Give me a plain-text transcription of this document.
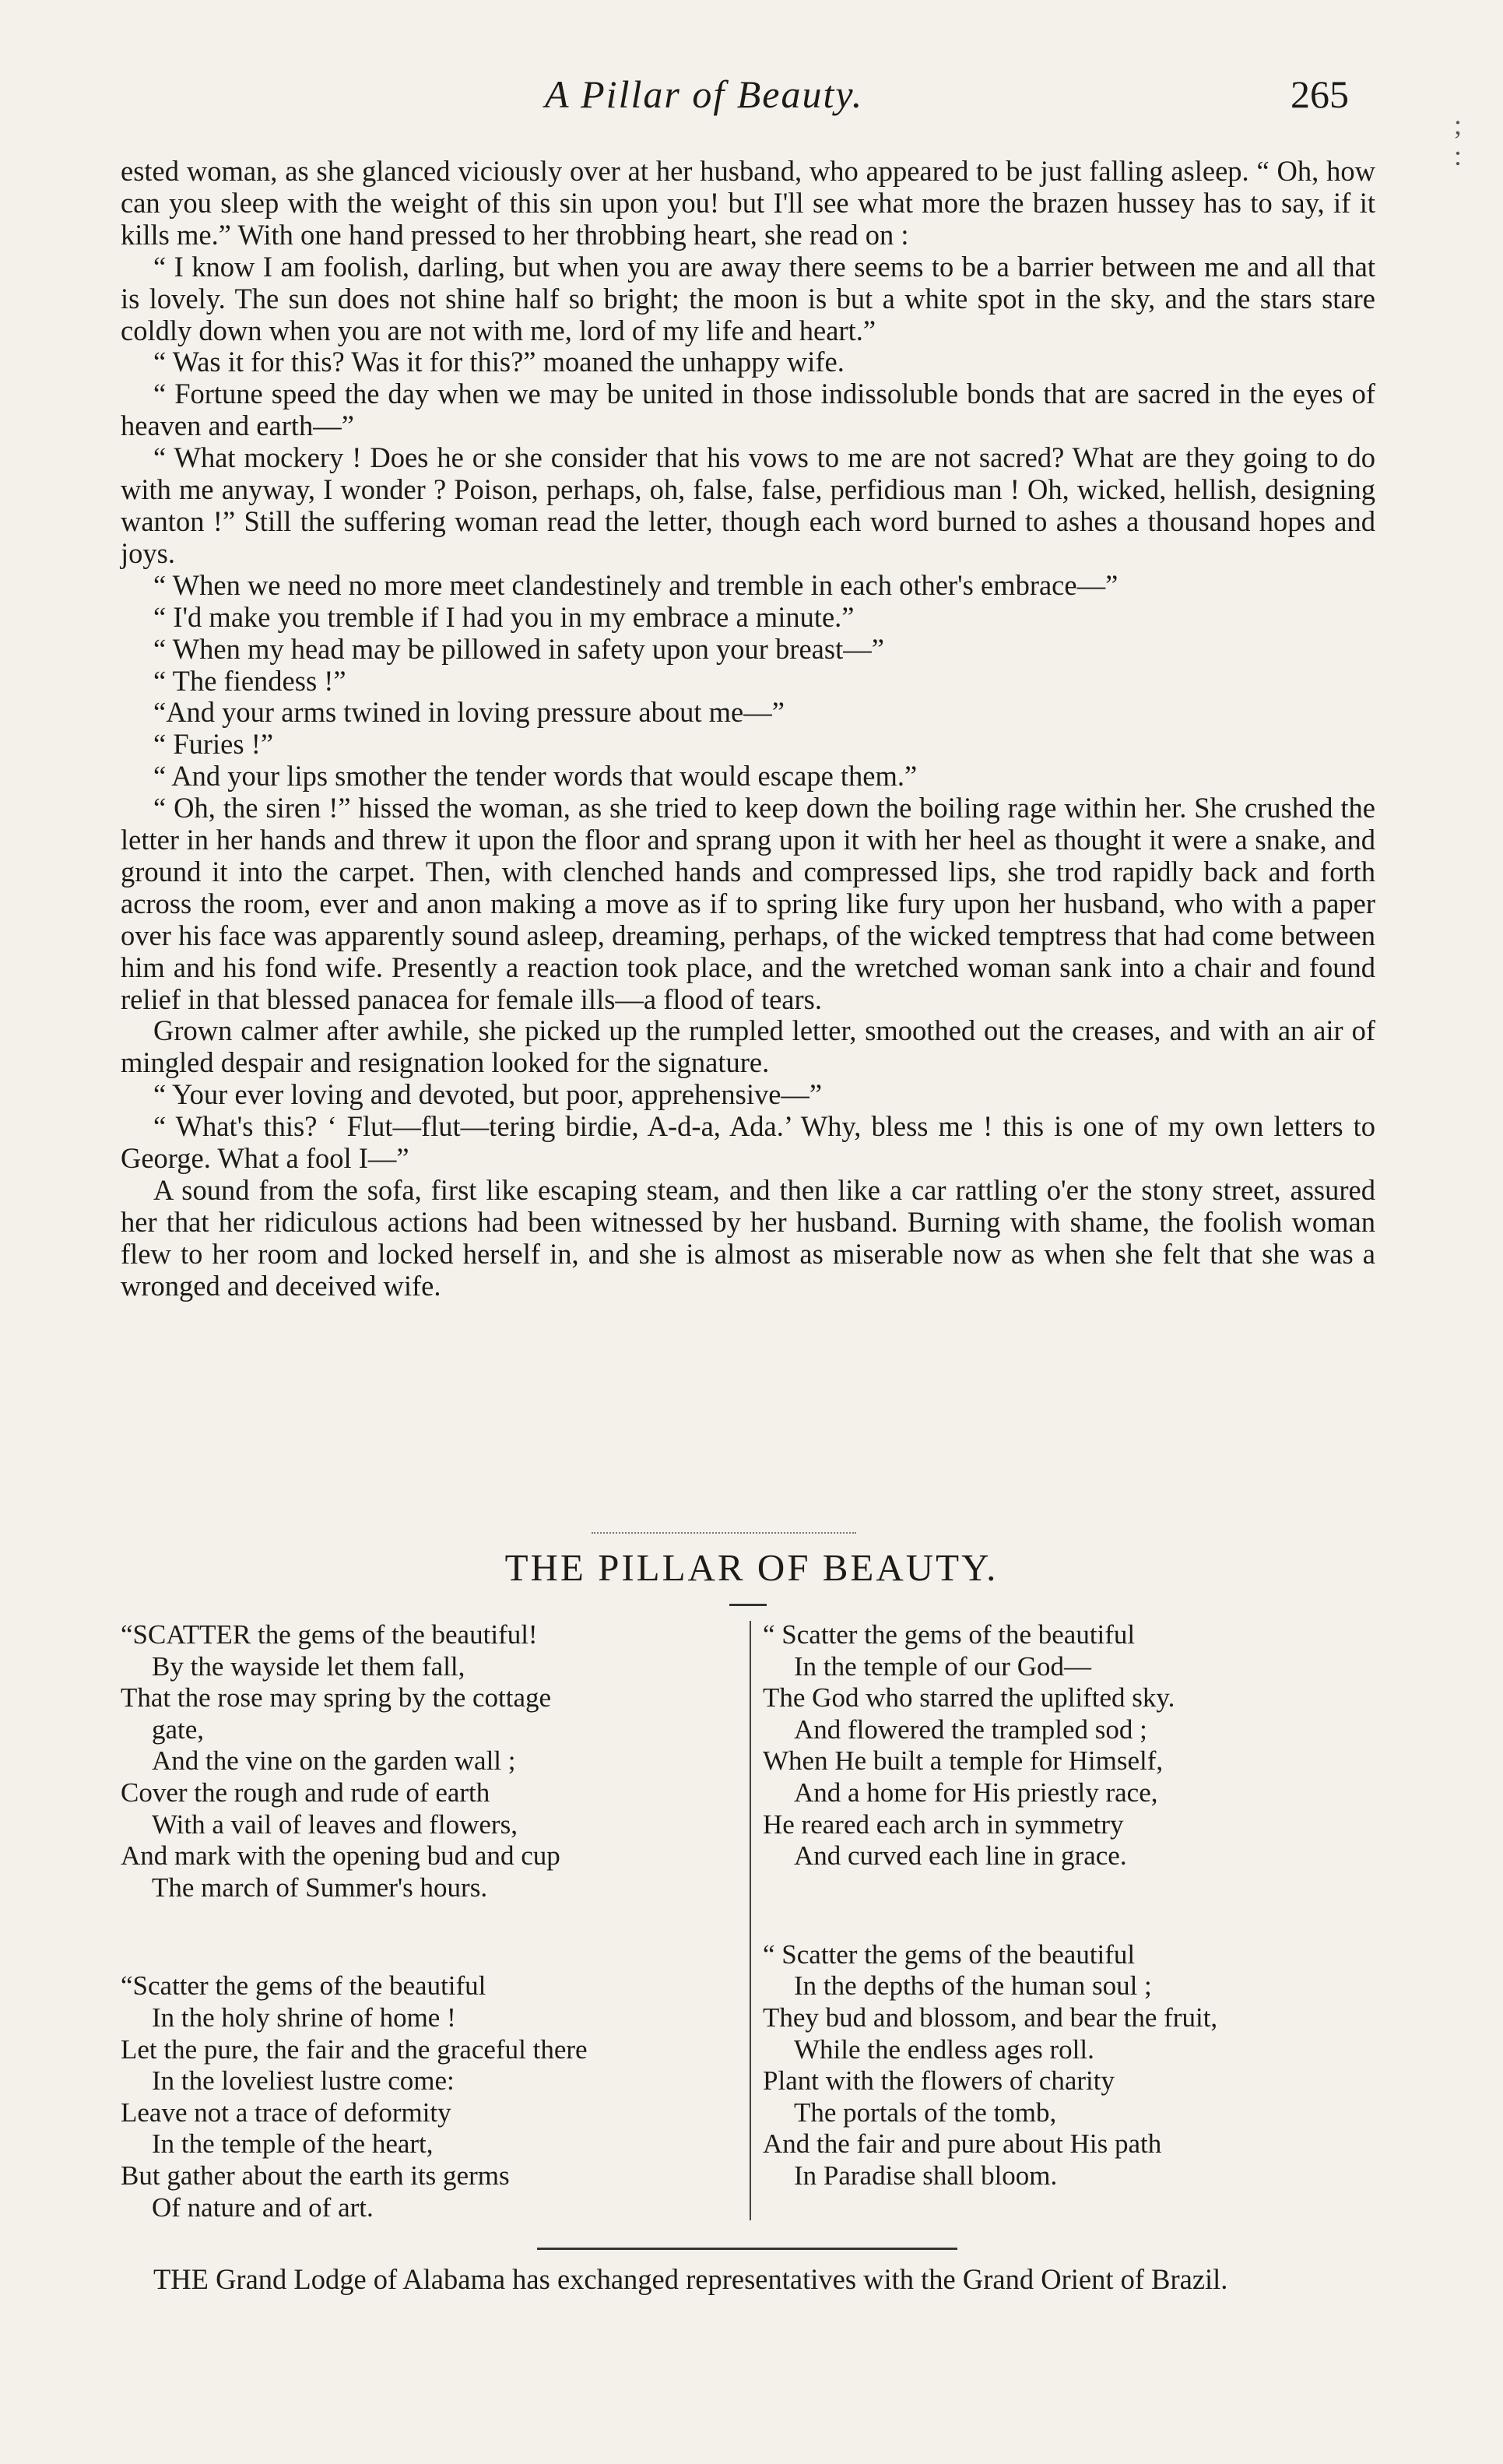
A Pillar of Beauty.	265
;
:

ested woman, as she glanced viciously over at her husband, who appeared to be just falling asleep. “ Oh, how can you sleep with the weight of this sin upon you! but I'll see what more the brazen hussey has to say, if it kills me.” With one hand pressed to her throbbing heart, she read on :

“ I know I am foolish, darling, but when you are away there seems to be a barrier between me and all that is lovely. The sun does not shine half so bright; the moon is but a white spot in the sky, and the stars stare coldly down when you are not with me, lord of my life and heart.”

“ Was it for this? Was it for this?” moaned the unhappy wife.

“ Fortune speed the day when we may be united in those indissoluble bonds that are sacred in the eyes of heaven and earth—”

“ What mockery ! Does he or she consider that his vows to me are not sacred? What are they going to do with me anyway, I wonder ? Poison, perhaps, oh, false, false, perfidious man ! Oh, wicked, hellish, designing wanton !” Still the suffering woman read the letter, though each word burned to ashes a thousand hopes and joys.

“ When we need no more meet clandestinely and tremble in each other's embrace—”

“ I'd make you tremble if I had you in my embrace a minute.”

“ When my head may be pillowed in safety upon your breast—”

“ The fiendess !”

“And your arms twined in loving pressure about me—”

“ Furies !”

“ And your lips smother the tender words that would escape them.”

“ Oh, the siren !” hissed the woman, as she tried to keep down the boiling rage within her. She crushed the letter in her hands and threw it upon the floor and sprang upon it with her heel as thought it were a snake, and ground it into the carpet. Then, with clenched hands and compressed lips, she trod rapidly back and forth across the room, ever and anon making a move as if to spring like fury upon her husband, who with a paper over his face was apparently sound asleep, dreaming, perhaps, of the wicked temptress that had come between him and his fond wife. Presently a reaction took place, and the wretched woman sank into a chair and found relief in that blessed panacea for female ills—a flood of tears.

Grown calmer after awhile, she picked up the rumpled letter, smoothed out the creases, and with an air of mingled despair and resignation looked for the signature.

“ Your ever loving and devoted, but poor, apprehensive—”

“ What's this? ‘ Flut—flut—tering birdie, A-d-a, Ada.’ Why, bless me ! this is one of my own letters to George. What a fool I—”

A sound from the sofa, first like escaping steam, and then like a car rattling o'er the stony street, assured her that her ridiculous actions had been witnessed by her husband. Burning with shame, the foolish woman flew to her room and locked herself in, and she is almost as miserable now as when she felt that she was a wronged and deceived wife.

THE PILLAR OF BEAUTY.
“SCATTER the gems of the beautiful!
By the wayside let them fall,
That the rose may spring by the cottage
gate,
And the vine on the garden wall ;
Cover the rough and rude of earth
With a vail of leaves and flowers,
And mark with the opening bud and cup
The march of Summer's hours.
“Scatter the gems of the beautiful
In the holy shrine of home !
Let the pure, the fair and the graceful there
In the loveliest lustre come:
Leave not a trace of deformity
In the temple of the heart,
But gather about the earth its germs
Of nature and of art.
“ Scatter the gems of the beautiful
In the temple of our God—
The God who starred the uplifted sky.
And flowered the trampled sod ;
When He built a temple for Himself,
And a home for His priestly race,
He reared each arch in symmetry
And curved each line in grace.
“ Scatter the gems of the beautiful
In the depths of the human soul ;
They bud and blossom, and bear the fruit,
While the endless ages roll.
Plant with the flowers of charity
The portals of the tomb,
And the fair and pure about His path
In Paradise shall bloom.

THE Grand Lodge of Alabama has exchanged representatives with the Grand Orient of Brazil.
